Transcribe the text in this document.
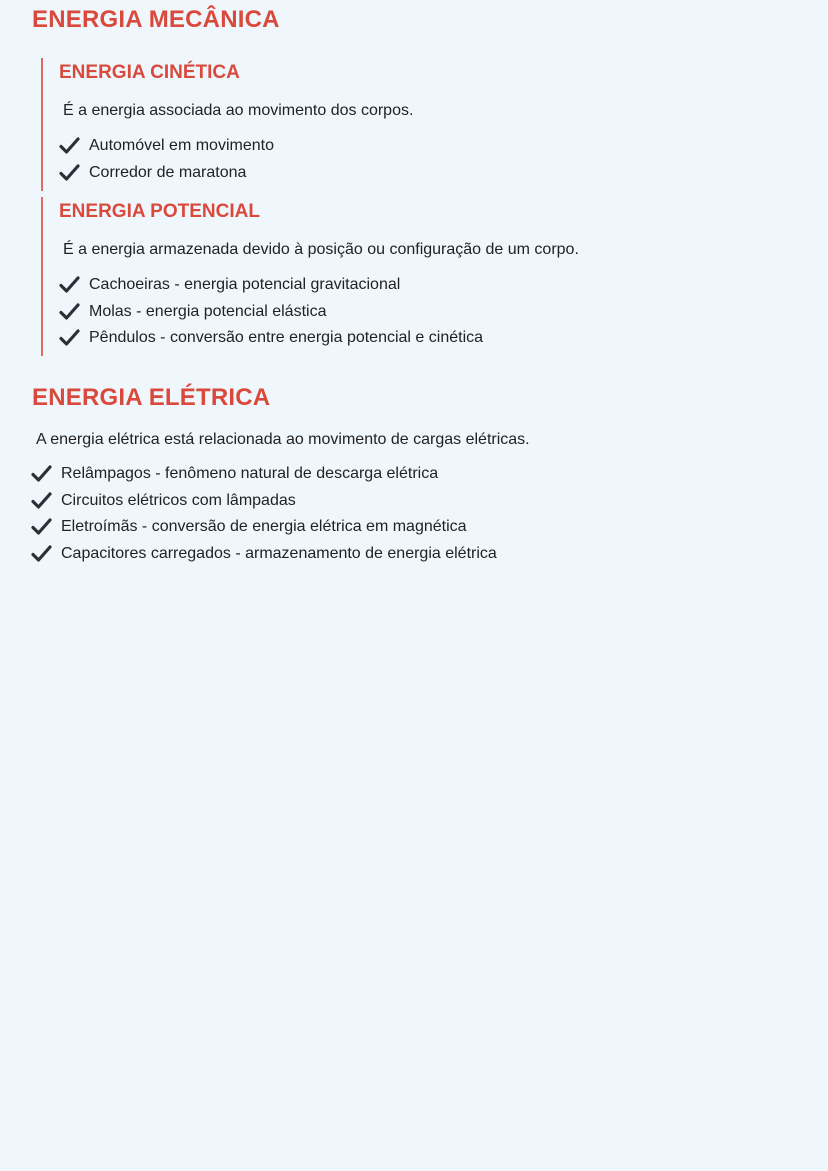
ENERGIA MECÂNICA
ENERGIA CINÉTICA

É a energia associada ao movimento dos corpos.

Automóvel em movimento
Corredor de maratona
ENERGIA POTENCIAL

É a energia armazenada devido à posição ou configuração de um corpo.

Cachoeiras - energia potencial gravitacional
Molas - energia potencial elástica
Pêndulos - conversão entre energia potencial e cinética
ENERGIA ELÉTRICA

A energia elétrica está relacionada ao movimento de cargas elétricas.

Relâmpagos - fenômeno natural de descarga elétrica
Circuitos elétricos com lâmpadas
Eletroímãs - conversão de energia elétrica em magnética
Capacitores carregados - armazenamento de energia elétrica
